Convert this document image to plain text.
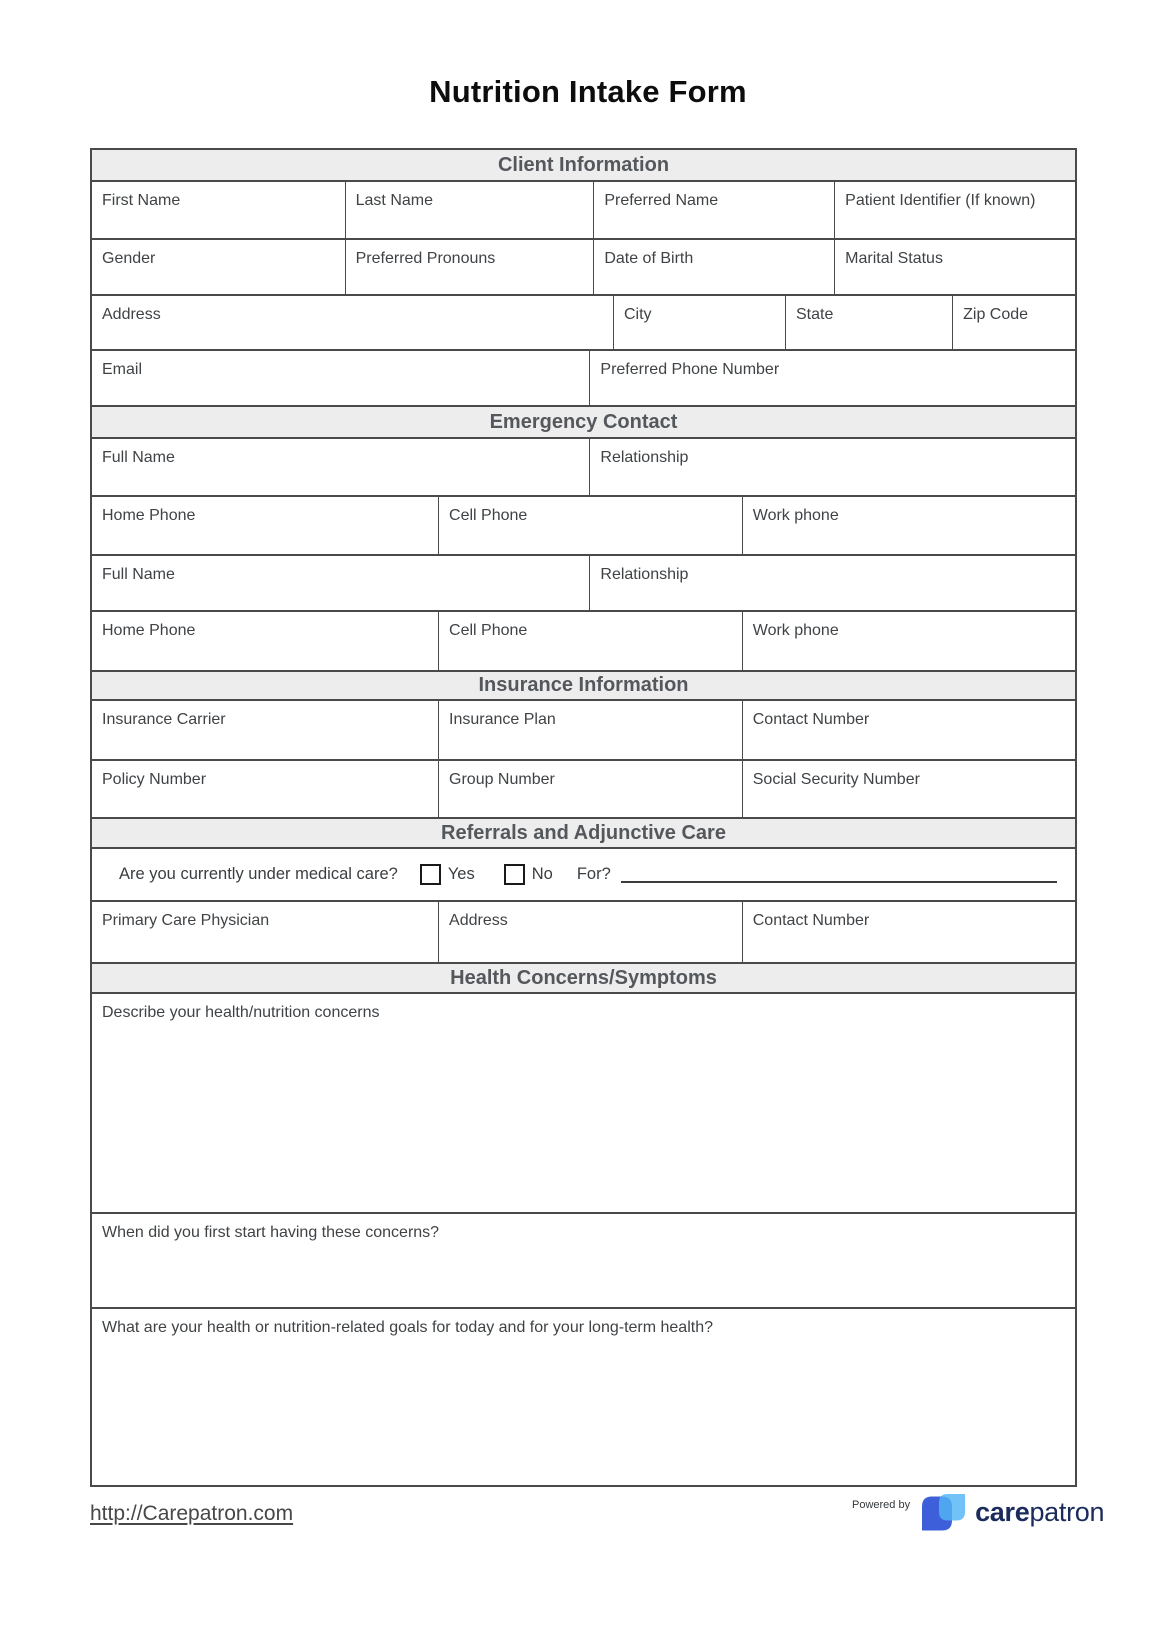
Nutrition Intake Form
Client Information
First Name	Last Name	Preferred Name	Patient Identifier (If known)
Gender	Preferred Pronouns	Date of Birth	Marital Status
Address	City	State	Zip Code
Email	Preferred Phone Number
Emergency Contact
Full Name	Relationship
Home Phone	Cell Phone	Work phone
Full Name	Relationship
Home Phone	Cell Phone	Work phone
Insurance Information
Insurance Carrier	Insurance Plan	Contact Number
Policy Number	Group Number	Social Security Number
Referrals and Adjunctive Care
Are you currently under medical care?	Yes	No For?
Primary Care Physician	Address	Contact Number
Health Concerns/Symptoms
Describe your health/nutrition concerns
When did you first start having these concerns?
What are your health or nutrition-related goals for today and for your long-term health?
http://Carepatron.com	Powered by carepatron
